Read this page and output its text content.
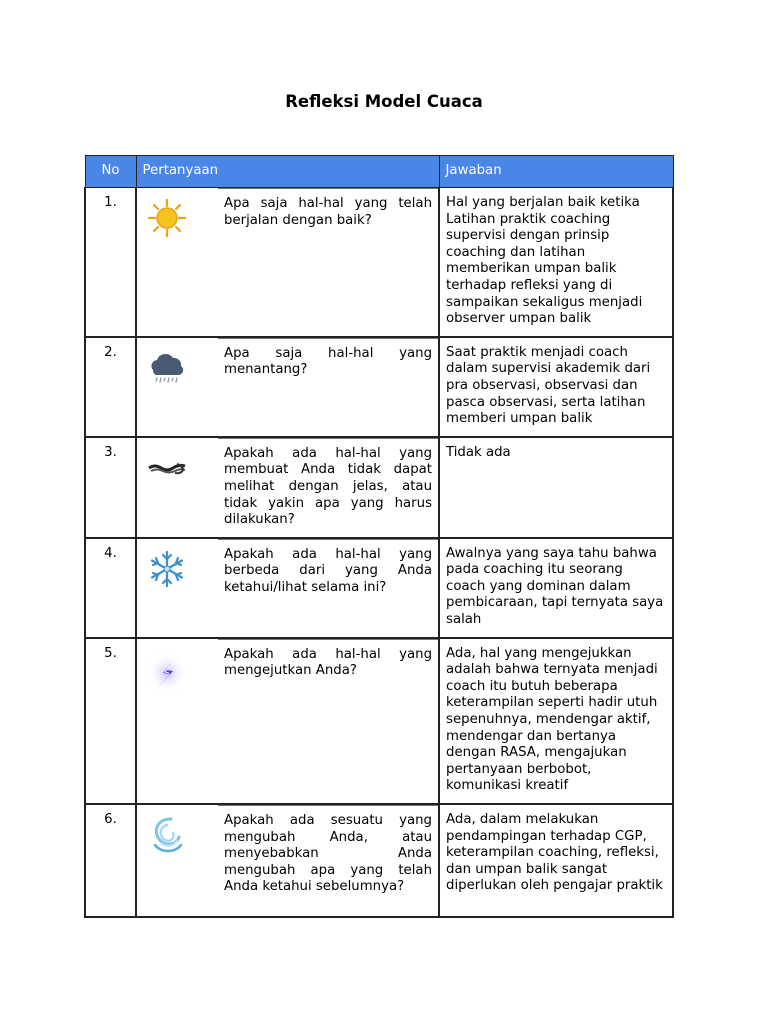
Refleksi Model Cuaca
No	Pertanyaan		Jawaban
1.		Apa saja hal-hal yang telah berjalan dengan baik?	Hal yang berjalan baik ketika Latihan praktik coaching supervisi dengan prinsip coaching dan latihan memberikan umpan balik terhadap refleksi yang di sampaikan sekaligus menjadi observer umpan balik
2.		Apa saja hal-hal yang menantang?	Saat praktik menjadi coach dalam supervisi akademik dari pra observasi, observasi dan pasca observasi, serta latihan memberi umpan balik
3.		Apakah ada hal-hal yang membuat Anda tidak dapat melihat dengan jelas, atau tidak yakin apa yang harus dilakukan?	Tidak ada
4.		Apakah ada hal-hal yang berbeda dari yang Anda ketahui/lihat selama ini?	Awalnya yang saya tahu bahwa pada coaching itu seorang coach yang dominan dalam pembicaraan, tapi ternyata saya salah
5.		Apakah ada hal-hal yang mengejutkan Anda?	Ada, hal yang mengejukkan adalah bahwa ternyata menjadi coach itu butuh beberapa keterampilan seperti hadir utuh sepenuhnya, mendengar aktif, mendengar dan bertanya dengan RASA, mengajukan pertanyaan berbobot, komunikasi kreatif
6.		Apakah ada sesuatu yang mengubah Anda, atau menyebabkan Anda mengubah apa yang telah Anda ketahui sebelumnya?	Ada, dalam melakukan pendampingan terhadap CGP, keterampilan coaching, refleksi, dan umpan balik sangat diperlukan oleh pengajar praktik
